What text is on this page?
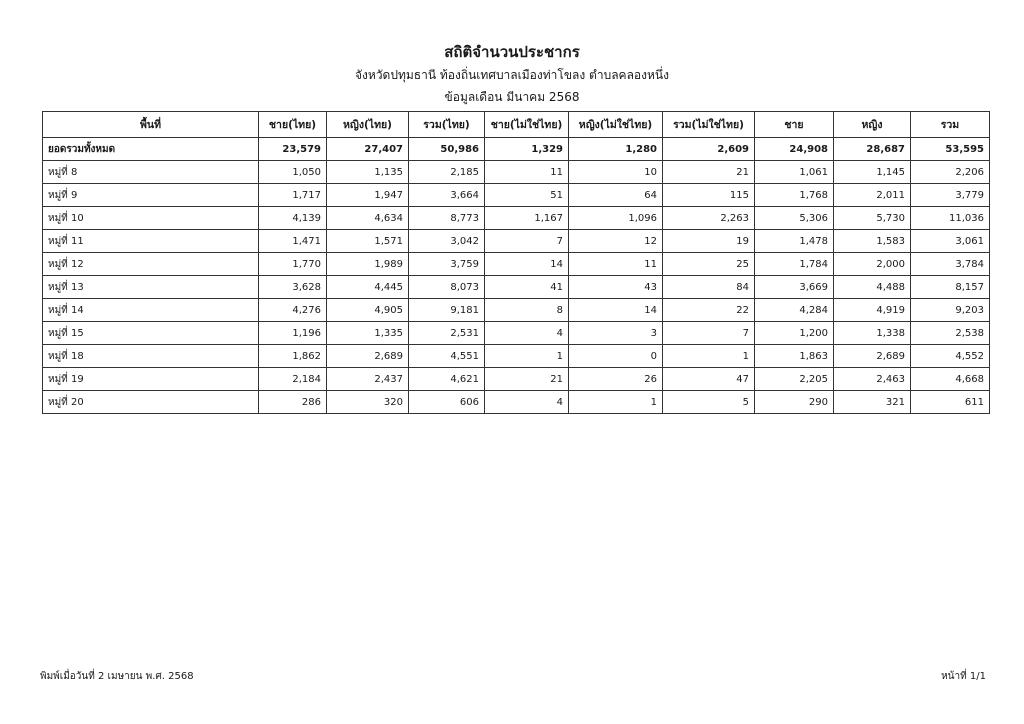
สถิติจำนวนประชากร
จังหวัดปทุมธานี ท้องถิ่นเทศบาลเมืองท่าโขลง ตำบลคลองหนึ่ง
ข้อมูลเดือน มีนาคม 2568
พื้นที่	ชาย(ไทย)	หญิง(ไทย)	รวม(ไทย)	ชาย(ไม่ใช่ไทย)	หญิง(ไม่ใช่ไทย)	รวม(ไม่ใช่ไทย)	ชาย	หญิง	รวม
ยอดรวมทั้งหมด	23,579	27,407	50,986	1,329	1,280	2,609	24,908	28,687	53,595
หมู่ที่ 8	1,050	1,135	2,185	11	10	21	1,061	1,145	2,206
หมู่ที่ 9	1,717	1,947	3,664	51	64	115	1,768	2,011	3,779
หมู่ที่ 10	4,139	4,634	8,773	1,167	1,096	2,263	5,306	5,730	11,036
หมู่ที่ 11	1,471	1,571	3,042	7	12	19	1,478	1,583	3,061
หมู่ที่ 12	1,770	1,989	3,759	14	11	25	1,784	2,000	3,784
หมู่ที่ 13	3,628	4,445	8,073	41	43	84	3,669	4,488	8,157
หมู่ที่ 14	4,276	4,905	9,181	8	14	22	4,284	4,919	9,203
หมู่ที่ 15	1,196	1,335	2,531	4	3	7	1,200	1,338	2,538
หมู่ที่ 18	1,862	2,689	4,551	1	0	1	1,863	2,689	4,552
หมู่ที่ 19	2,184	2,437	4,621	21	26	47	2,205	2,463	4,668
หมู่ที่ 20	286	320	606	4	1	5	290	321	611
พิมพ์เมื่อวันที่ 2 เมษายน พ.ศ. 2568	หน้าที่ 1/1
